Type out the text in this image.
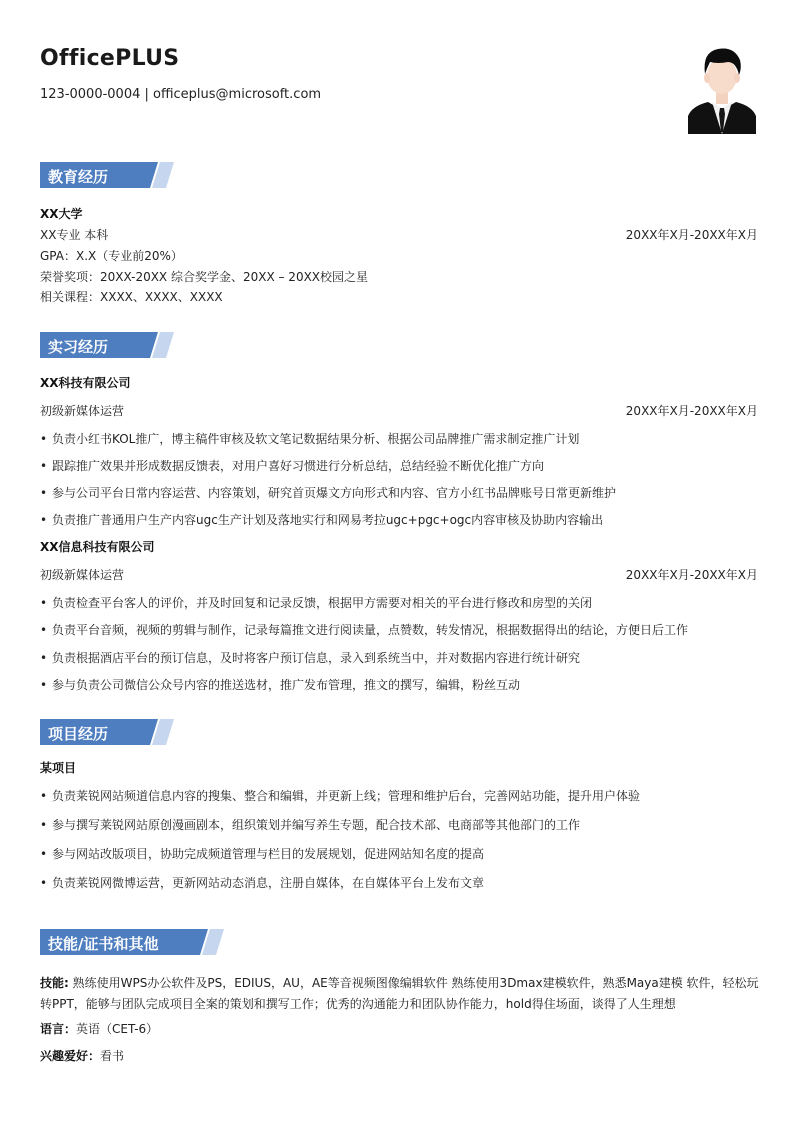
OfficePLUS
123-0000-0004 | officeplus@microsoft.com
教育经历
XX大学
XX专业 本科	20XX年X月-20XX年X月
GPA：X.X（专业前20%）
荣誉奖项：20XX-20XX 综合奖学金、20XX – 20XX校园之星
相关课程：XXXX、XXXX、XXXX
实习经历
XX科技有限公司
初级新媒体运营	20XX年X月-20XX年X月
• 负责小红书KOL推广，博主稿件审核及软文笔记数据结果分析、根据公司品牌推广需求制定推广计划
• 跟踪推广效果并形成数据反馈表，对用户喜好习惯进行分析总结，总结经验不断优化推广方向
• 参与公司平台日常内容运营、内容策划，研究首页爆文方向形式和内容、官方小红书品牌账号日常更新维护
• 负责推广普通用户生产内容ugc生产计划及落地实行和网易考拉ugc+pgc+ogc内容审核及协助内容输出
XX信息科技有限公司
初级新媒体运营	20XX年X月-20XX年X月
• 负责检查平台客人的评价，并及时回复和记录反馈，根据甲方需要对相关的平台进行修改和房型的关闭
• 负责平台音频，视频的剪辑与制作，记录每篇推文进行阅读量，点赞数，转发情况，根据数据得出的结论，方便日后工作
• 负责根据酒店平台的预订信息，及时将客户预订信息，录入到系统当中，并对数据内容进行统计研究
• 参与负责公司微信公众号内容的推送选材，推广发布管理，推文的撰写，编辑，粉丝互动
项目经历
某项目
• 负责莱锐网站频道信息内容的搜集、整合和编辑，并更新上线；管理和维护后台，完善网站功能，提升用户体验
• 参与撰写莱锐网站原创漫画剧本，组织策划并编写养生专题，配合技术部、电商部等其他部门的工作
• 参与网站改版项目，协助完成频道管理与栏目的发展规划，促进网站知名度的提高
• 负责莱锐网微博运营，更新网站动态消息，注册自媒体，在自媒体平台上发布文章
技能/证书和其他
技能: 熟练使用WPS办公软件及PS，EDIUS，AU，AE等音视频图像编辑软件 熟练使用3Dmax建模软件，熟悉Maya建模 软件，轻松玩转PPT，能够与团队完成项目全案的策划和撰写工作；优秀的沟通能力和团队协作能力，hold得住场面，谈得了人生理想
语言：英语（CET-6）
兴趣爱好：看书
